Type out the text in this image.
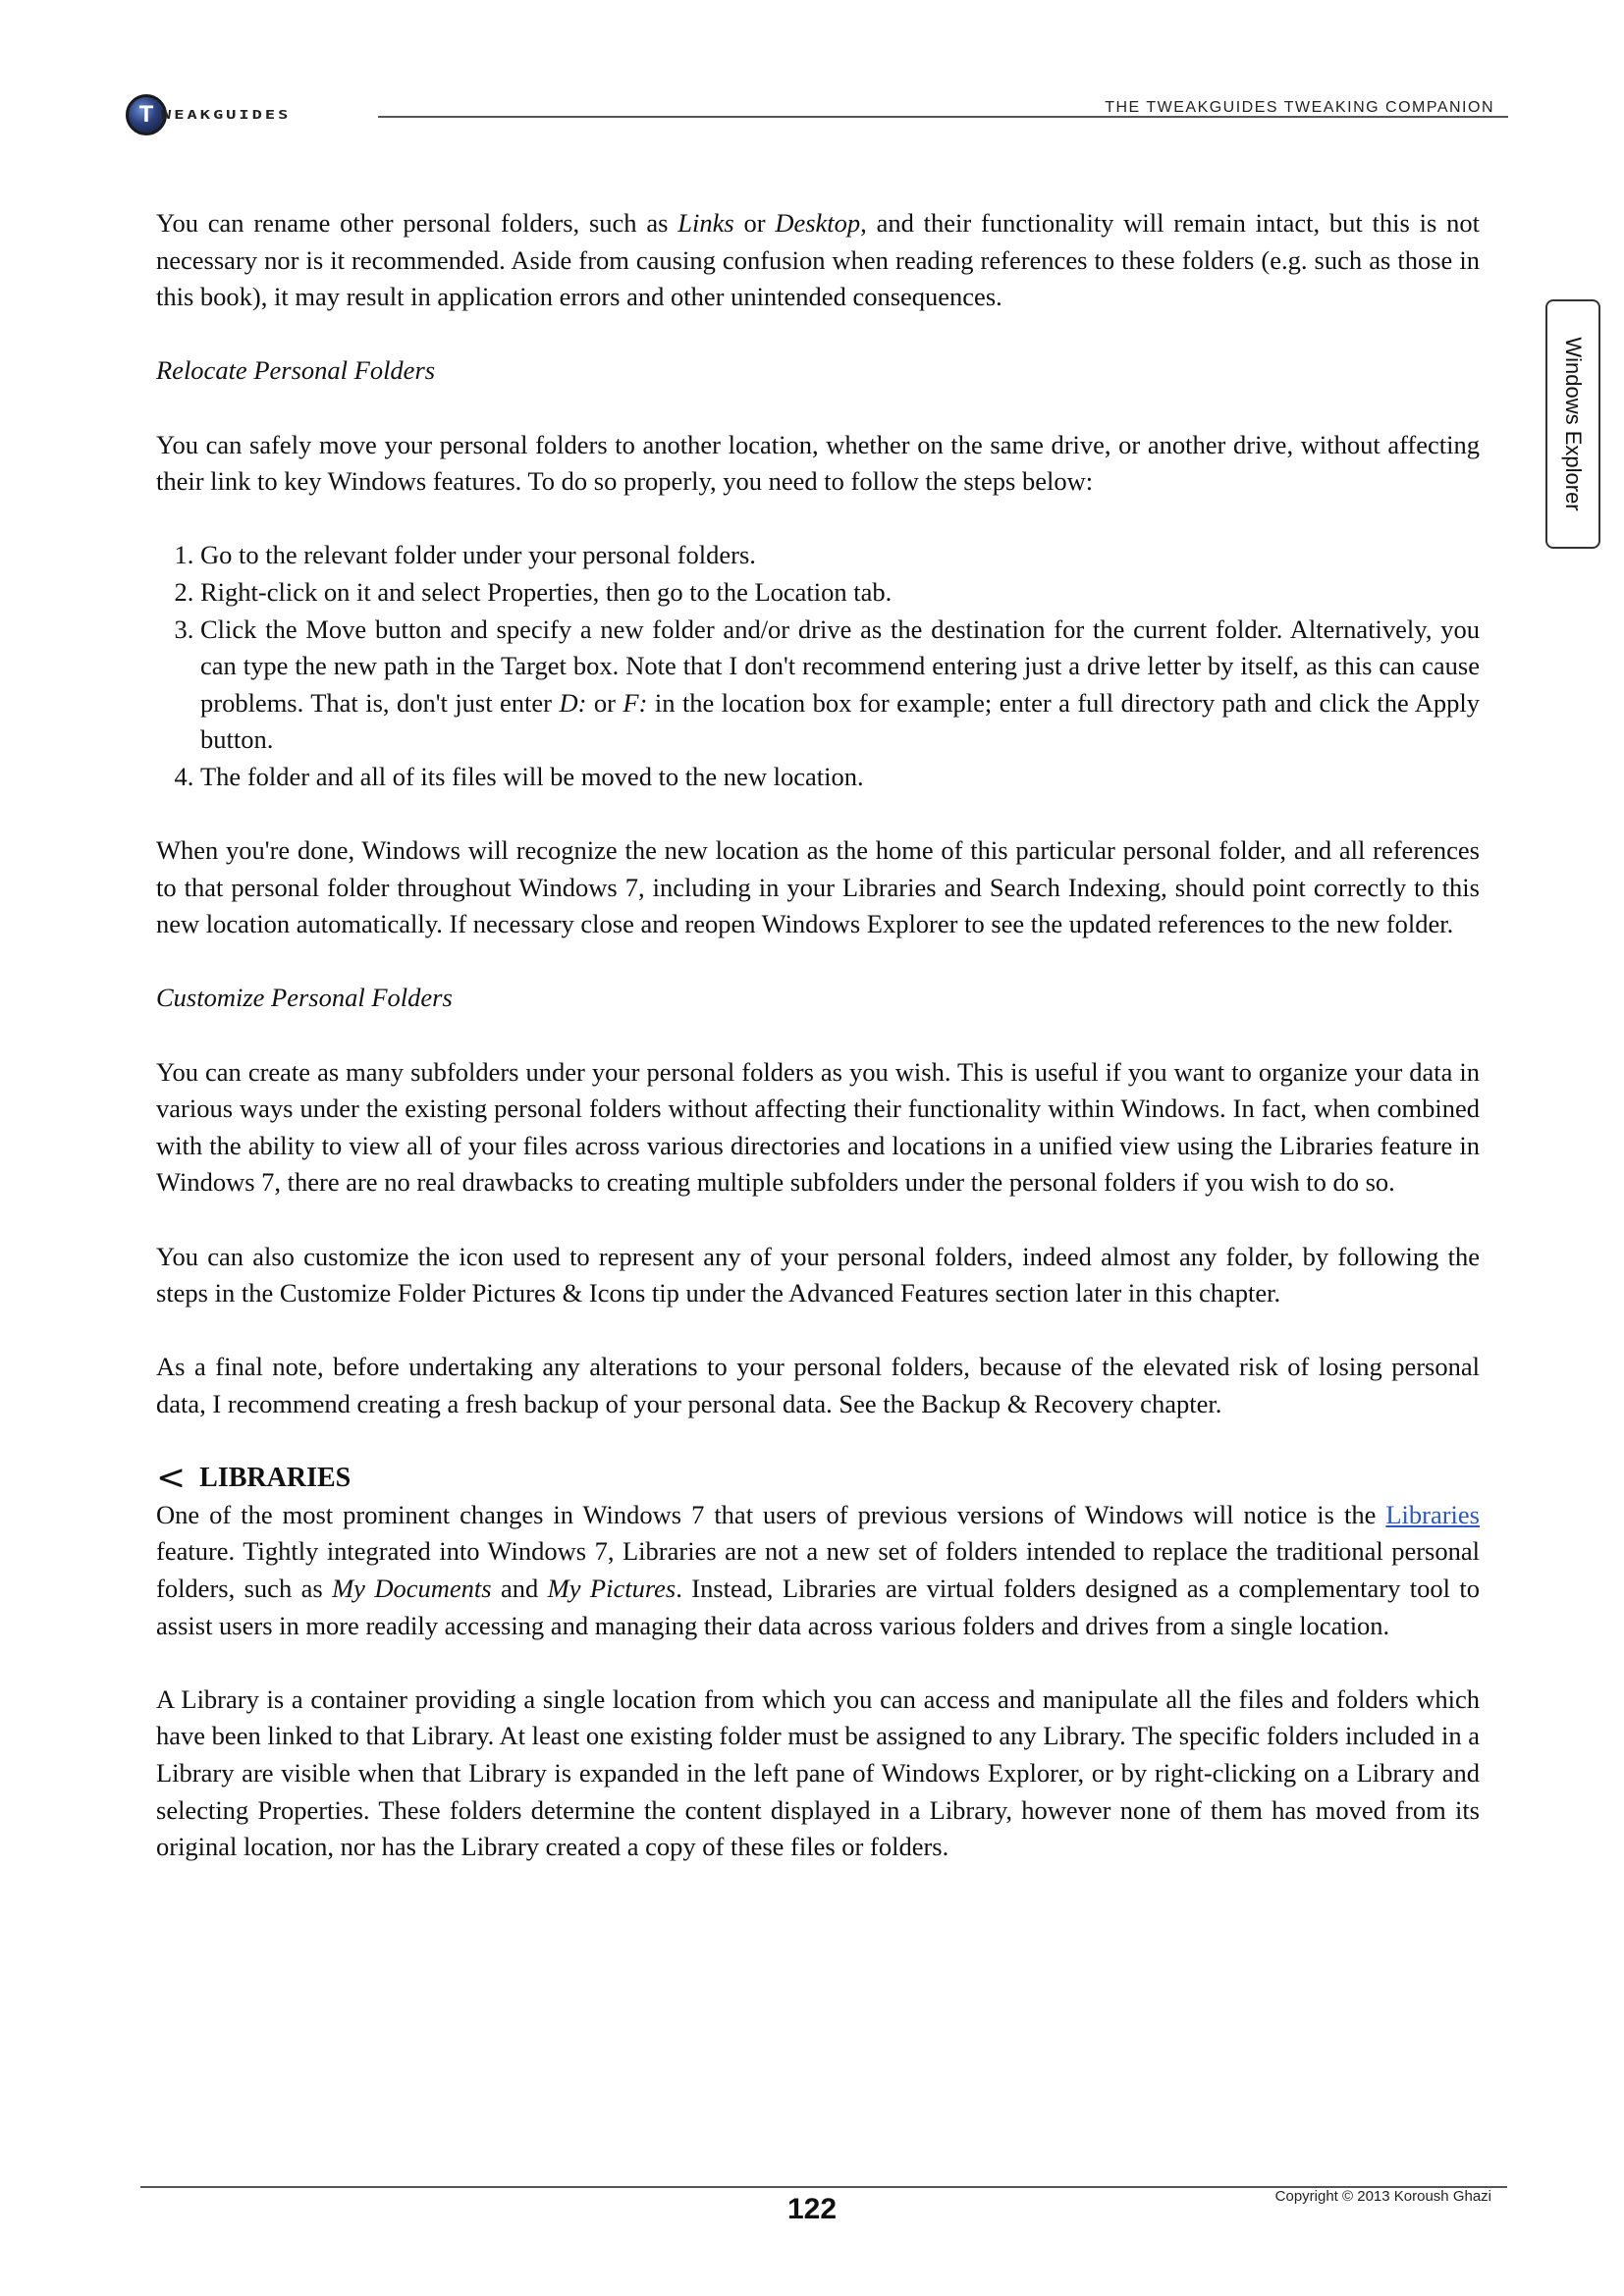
T WEAKGUIDES	THE TWEAKGUIDES TWEAKING COMPANION
Windows Explorer

You can rename other personal folders, such as Links or Desktop, and their functionality will remain intact, but this is not necessary nor is it recommended. Aside from causing confusion when reading references to these folders (e.g. such as those in this book), it may result in application errors and other unintended consequences.

Relocate Personal Folders

You can safely move your personal folders to another location, whether on the same drive, or another drive, without affecting their link to key Windows features. To do so properly, you need to follow the steps below:

1. Go to the relevant folder under your personal folders.
2. Right-click on it and select Properties, then go to the Location tab.
3. Click the Move button and specify a new folder and/or drive as the destination for the current folder. Alternatively, you can type the new path in the Target box. Note that I don't recommend entering just a drive letter by itself, as this can cause problems. That is, don't just enter D: or F: in the location box for example; enter a full directory path and click the Apply button.
4. The folder and all of its files will be moved to the new location.

When you're done, Windows will recognize the new location as the home of this particular personal folder, and all references to that personal folder throughout Windows 7, including in your Libraries and Search Indexing, should point correctly to this new location automatically. If necessary close and reopen Windows Explorer to see the updated references to the new folder.

Customize Personal Folders

You can create as many subfolders under your personal folders as you wish. This is useful if you want to organize your data in various ways under the existing personal folders without affecting their functionality within Windows. In fact, when combined with the ability to view all of your files across various directories and locations in a unified view using the Libraries feature in Windows 7, there are no real drawbacks to creating multiple subfolders under the personal folders if you wish to do so.

You can also customize the icon used to represent any of your personal folders, indeed almost any folder, by following the steps in the Customize Folder Pictures & Icons tip under the Advanced Features section later in this chapter.

As a final note, before undertaking any alterations to your personal folders, because of the elevated risk of losing personal data, I recommend creating a fresh backup of your personal data. See the Backup & Recovery chapter.

< LIBRARIES

One of the most prominent changes in Windows 7 that users of previous versions of Windows will notice is the Libraries feature. Tightly integrated into Windows 7, Libraries are not a new set of folders intended to replace the traditional personal folders, such as My Documents and My Pictures. Instead, Libraries are virtual folders designed as a complementary tool to assist users in more readily accessing and managing their data across various folders and drives from a single location.

A Library is a container providing a single location from which you can access and manipulate all the files and folders which have been linked to that Library. At least one existing folder must be assigned to any Library. The specific folders included in a Library are visible when that Library is expanded in the left pane of Windows Explorer, or by right-clicking on a Library and selecting Properties. These folders determine the content displayed in a Library, however none of them has moved from its original location, nor has the Library created a copy of these files or folders.

122	Copyright © 2013 Koroush Ghazi
